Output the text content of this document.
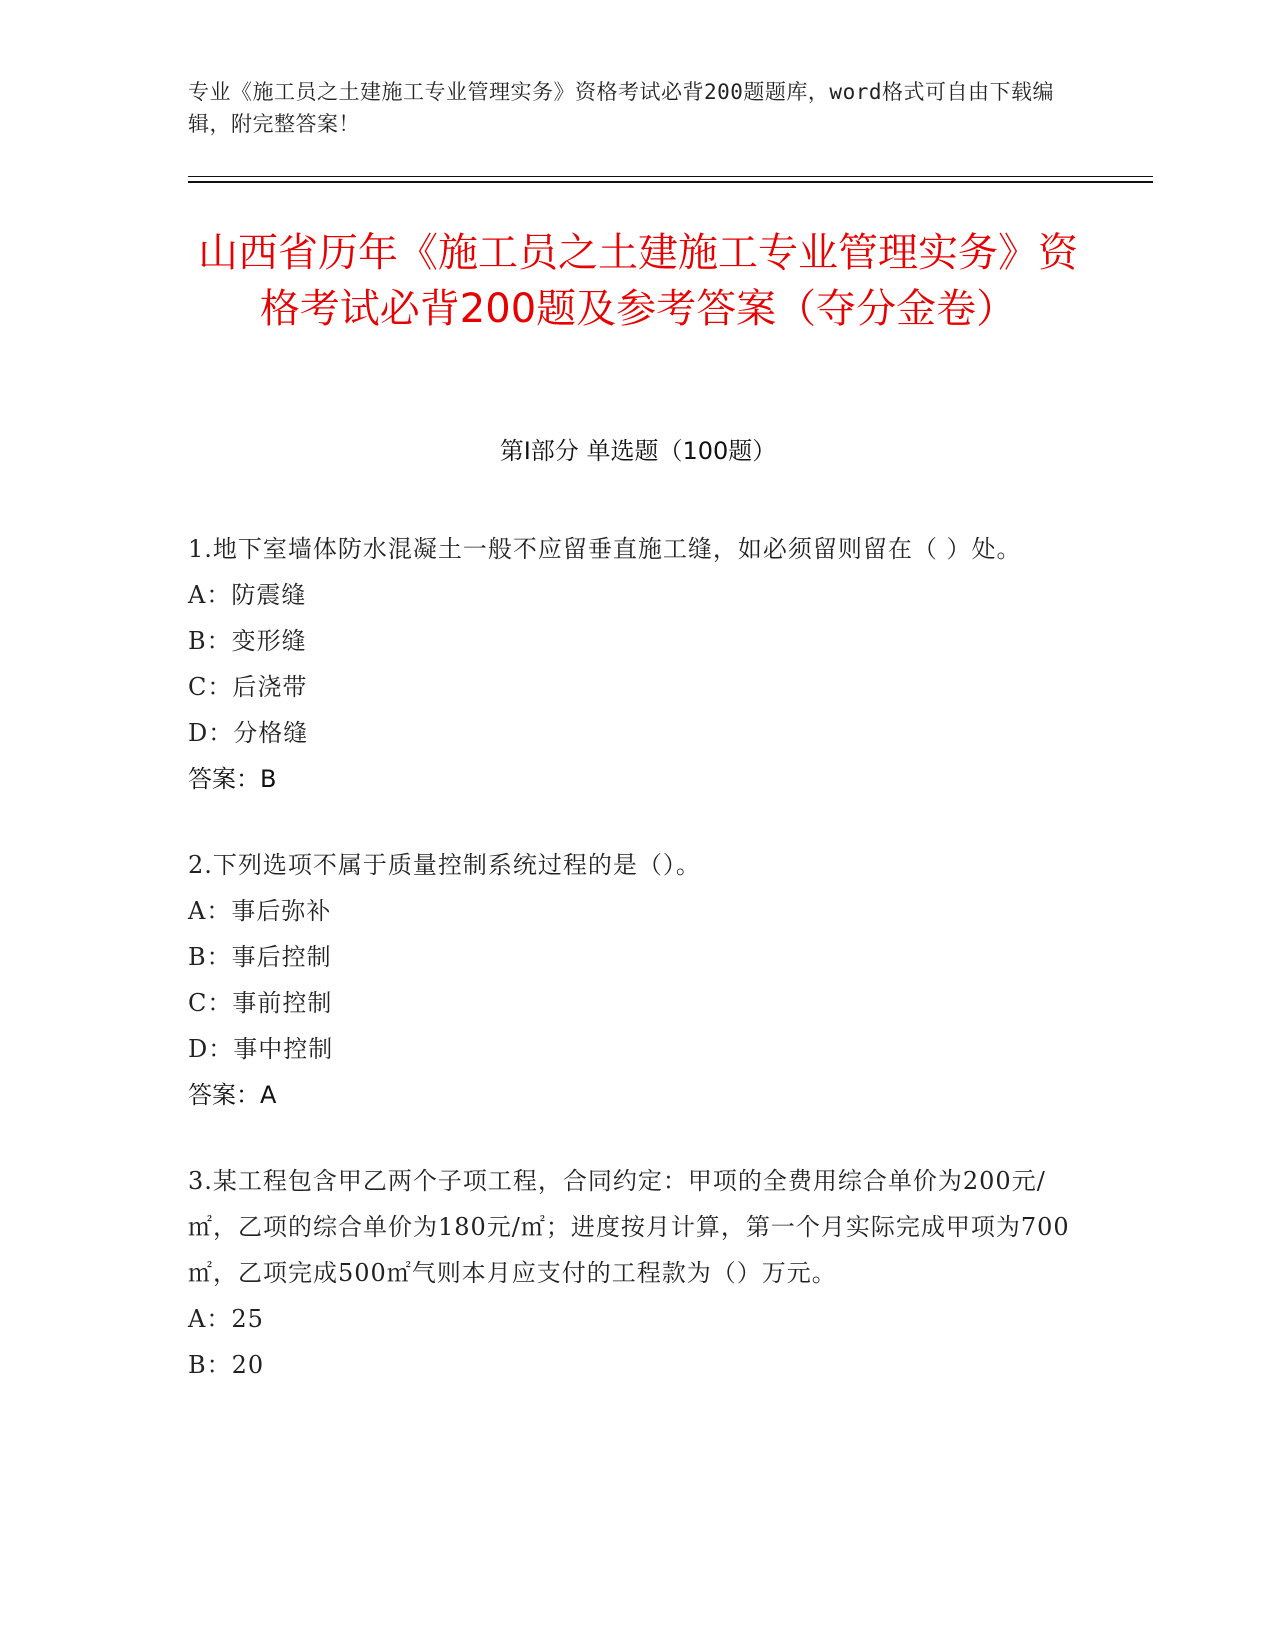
专业《施工员之土建施工专业管理实务》资格考试必背200题题库，word格式可自由下载编辑，附完整答案！
山西省历年《施工员之土建施工专业管理实务》资格考试必背200题及参考答案（夺分金卷）
第Ⅰ部分 单选题（100题）
1.地下室墙体防水混凝土一般不应留垂直施工缝，如必须留则留在（ ）处。
A：防震缝
B：变形缝
C：后浇带
D：分格缝
答案：B
2.下列选项不属于质量控制系统过程的是（）。
A：事后弥补
B：事后控制
C：事前控制
D：事中控制
答案：A
3.某工程包含甲乙两个子项工程，合同约定：甲项的全费用综合单价为200元/㎡，乙项的综合单价为180元/㎡；进度按月计算，第一个月实际完成甲项为700㎡，乙项完成500㎡气则本月应支付的工程款为（）万元。
A：25
B：20
